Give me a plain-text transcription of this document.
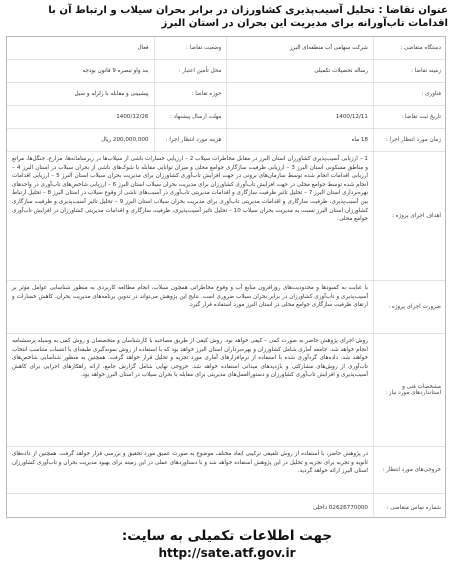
عنوان تقاضا : تحلیل آسیب‌پذیری کشاورزان در برابر بحران سیلاب و ارتباط آن با اقدامات تاب‌آورانه برای مدیریت این بحران در استان البرز
دستگاه متقاضی :
شرکت سهامی آب منطقه‌ای البرز
وضعیت تقاضا :
فعال
زمینه تقاضا :
رساله تحصیلات تکمیلی
محل تأمین اعتبار :
بند واو تبصره 9 قانون بودجه
فناوری :
حوزه تقاضا :
پیشبینی و مقابله با زلزله و سیل
تاریخ ثبت تقاضا :
1400/12/11
مهلت ارسال پیشنهاد :
1400/12/26
زمان مورد انتظار اجرا :
18 ماه
هزینه مورد انتظار اجرا :
200,000,000 ریال
اهداف اجرای پروژه :
1 – ارزیابی آسیب‌پذیری کشاورزان استان البرز در مقابل مخاطرات سیلاب 2 – ارزیابی خسارات ناشی از سیلاب‌ها در زیرسامانه‌ها، مزارع، جنگل‌ها، مراتع و مناطق مسکونی استان البرز 3 – ارزیابی ظرفیت سازگاری جوامع محلی و میزان توانایی مقابله با شوک‌های ناشی از بحران سیلاب در استان البرز 4 – ارزیابی اقدامات انجام شده توسط سازمان‌های برونی در جهت افزایش تاب‌آوری کشاورزان برای مدیریت بحران سیلاب استان البرز 5 – ارزیابی اقدامات انجام شده توسط جوامع محلی در جهت افزایش تاب‌آوری کشاورزان برای مدیریت بحران سیلاب استان البرز 6 – ارزیابی شاخص‌های تاب‌آوری در واحدهای بهره‌برداری استان البرز 7 – تحلیل تاثیر ظرفیت سازگاری و اقدامات مدیریتی تاب‌آوری در آسیب‌های ناشی از وقوع سیلاب در استان البرز 8 – تحلیل ارتباط بین آسیب‌پذیری، ظرفیت سازگاری و اقدامات مدیریتی تاب‌آوری برای مدیریت بحران سیلاب استان البرز 9 – تحلیل تاثیر آسیب‌پذیری و ظرفیت سازگاری کشاورزان استان البرز نسبت به مدیریت بحران سیلاب 10 – تحلیل تاثیر آسیب‌پذیری، ظرفیت سازگاری و اقدامات مدیریتی کشاورزان در افزایش تاب‌آوری جوامع محلی
ضرورت اجرای پروژه :
با عنایت به کمبودها و محدودیت‌های روزافزون منابع آب و وقوع مخاطراتی همچون سیلاب، انجام مطالعه کاربردی به منظور شناسایی عوامل موثر بر آسیب‌پذیری و تاب‌آوری کشاورزان در برابر بحران سیلاب ضروری است. نتایج این پژوهش می‌تواند در تدوین برنامه‌های مدیریت بحران، کاهش خسارات و ارتقای ظرفیت سازگاری جوامع محلی در استان البرز مورد استفاده قرار گیرد.
مشخصات فنی و استانداردهای مورد نیاز :
روش اجرای پژوهش حاضر به صورت کمی – کیفی خواهد بود. روش کیفی از طریق مصاحبه با کارشناسان و متخصصان و روش کمی به وسیله پرسشنامه انجام خواهد شد. جامعه آماری شامل کشاورزان و بهره‌برداران استان البرز خواهد بود که با استفاده از روش نمونه‌گیری طبقه‌ای با انتساب متناسب انتخاب خواهند شد. داده‌های گردآوری شده با استفاده از نرم‌افزارهای آماری مورد تجزیه و تحلیل قرار خواهد گرفت. همچنین به منظور شناسایی شاخص‌های تاب‌آوری از روش‌های مشارکتی و بازدیدهای میدانی استفاده خواهد شد. خروجی نهایی شامل گزارش جامع، ارائه راهکارهای اجرایی برای کاهش آسیب‌پذیری و افزایش تاب‌آوری کشاورزان و دستورالعمل‌های مدیریتی برای مقابله با بحران سیلاب در استان البرز خواهد بود.
خروجی‌های مورد انتظار :
در پژوهش حاضر، با استفاده از روش تلفیقی ترکیبی ابعاد مختلف موضوع به صورت عمیق مورد تحقیق و بررسی قرار خواهد گرفت. همچنین از داده‌های ثانویه و تجربه برای تجزیه و تحلیل در این پژوهش استفاده خواهد شد و با دستاوردهای عملی در این زمینه برای بهبود مدیریت بحران و تاب‌آوری کشاورزان استان البرز ارائه خواهد گردید.
شماره تماس متقاضی :
02626770000 داخلی
جهت اطلاعات تکمیلی به سایت:
http://sate.atf.gov.ir
